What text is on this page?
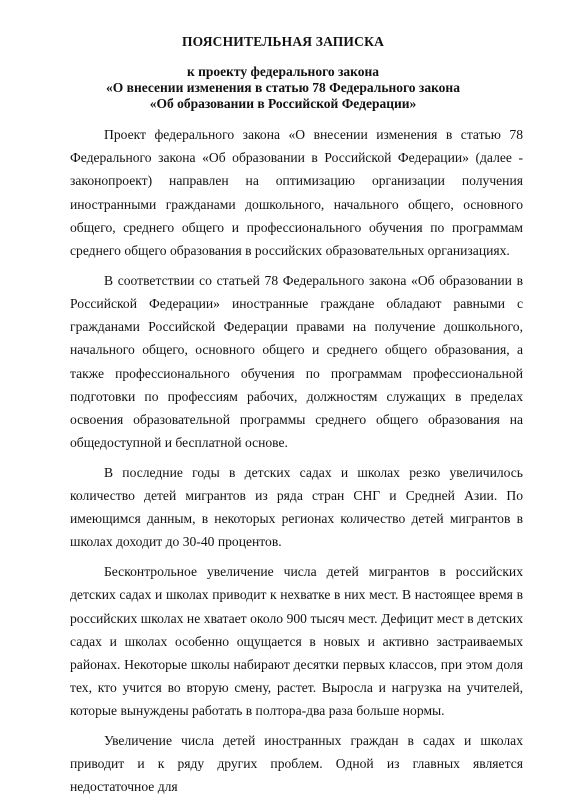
ПОЯСНИТЕЛЬНАЯ ЗАПИСКА
к проекту федерального закона
«О внесении изменения в статью 78 Федерального закона
«Об образовании в Российской Федерации»

Проект федерального закона «О внесении изменения в статью 78 Федерального закона «Об образовании в Российской Федерации» (далее - законопроект) направлен на оптимизацию организации получения иностранными гражданами дошкольного, начального общего, основного общего, среднего общего и профессионального обучения по программам среднего общего образования в российских образовательных организациях.

В соответствии со статьей 78 Федерального закона «Об образовании в Российской Федерации» иностранные граждане обладают равными с гражданами Российской Федерации правами на получение дошкольного, начального общего, основного общего и среднего общего образования, а также профессионального обучения по программам профессиональной подготовки по профессиям рабочих, должностям служащих в пределах освоения образовательной программы среднего общего образования на общедоступной и бесплатной основе.

В последние годы в детских садах и школах резко увеличилось количество детей мигрантов из ряда стран СНГ и Средней Азии. По имеющимся данным, в некоторых регионах количество детей мигрантов в школах доходит до 30-40 процентов.

Бесконтрольное увеличение числа детей мигрантов в российских детских садах и школах приводит к нехватке в них мест. В настоящее время в российских школах не хватает около 900 тысяч мест. Дефицит мест в детских садах и школах особенно ощущается в новых и активно застраиваемых районах. Некоторые школы набирают десятки первых классов, при этом доля тех, кто учится во вторую смену, растет. Выросла и нагрузка на учителей, которые вынуждены работать в полтора-два раза больше нормы.

Увеличение числа детей иностранных граждан в садах и школах приводит и к ряду других проблем. Одной из главных является недостаточное для
